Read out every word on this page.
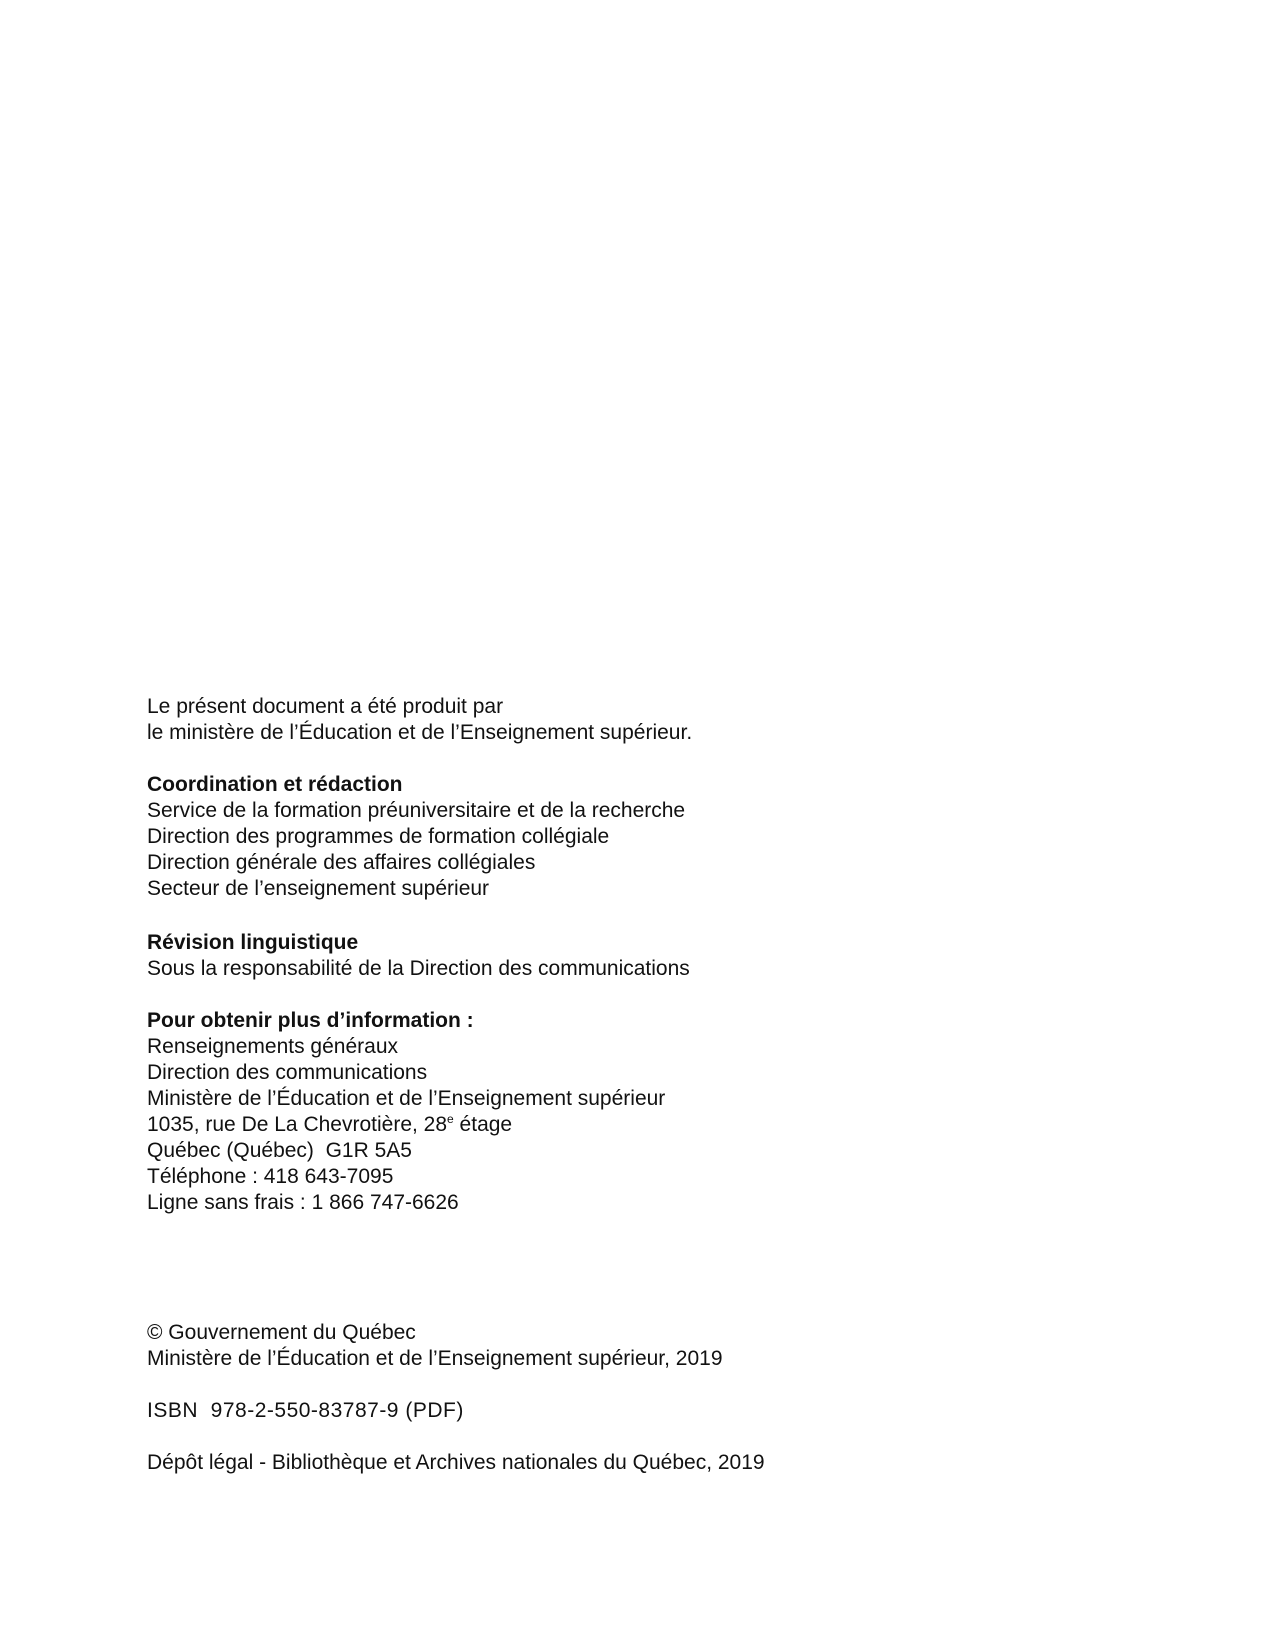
Le présent document a été produit par
le ministère de l’Éducation et de l’Enseignement supérieur.
Coordination et rédaction
Service de la formation préuniversitaire et de la recherche
Direction des programmes de formation collégiale
Direction générale des affaires collégiales
Secteur de l’enseignement supérieur
Révision linguistique
Sous la responsabilité de la Direction des communications
Pour obtenir plus d’information :
Renseignements généraux
Direction des communications
Ministère de l’Éducation et de l’Enseignement supérieur
1035, rue De La Chevrotière, 28e étage
Québec (Québec)  G1R 5A5
Téléphone : 418 643-7095
Ligne sans frais : 1 866 747-6626
© Gouvernement du Québec
Ministère de l’Éducation et de l’Enseignement supérieur, 2019
ISBN  978-2-550-83787-9 (PDF)
Dépôt légal - Bibliothèque et Archives nationales du Québec, 2019
